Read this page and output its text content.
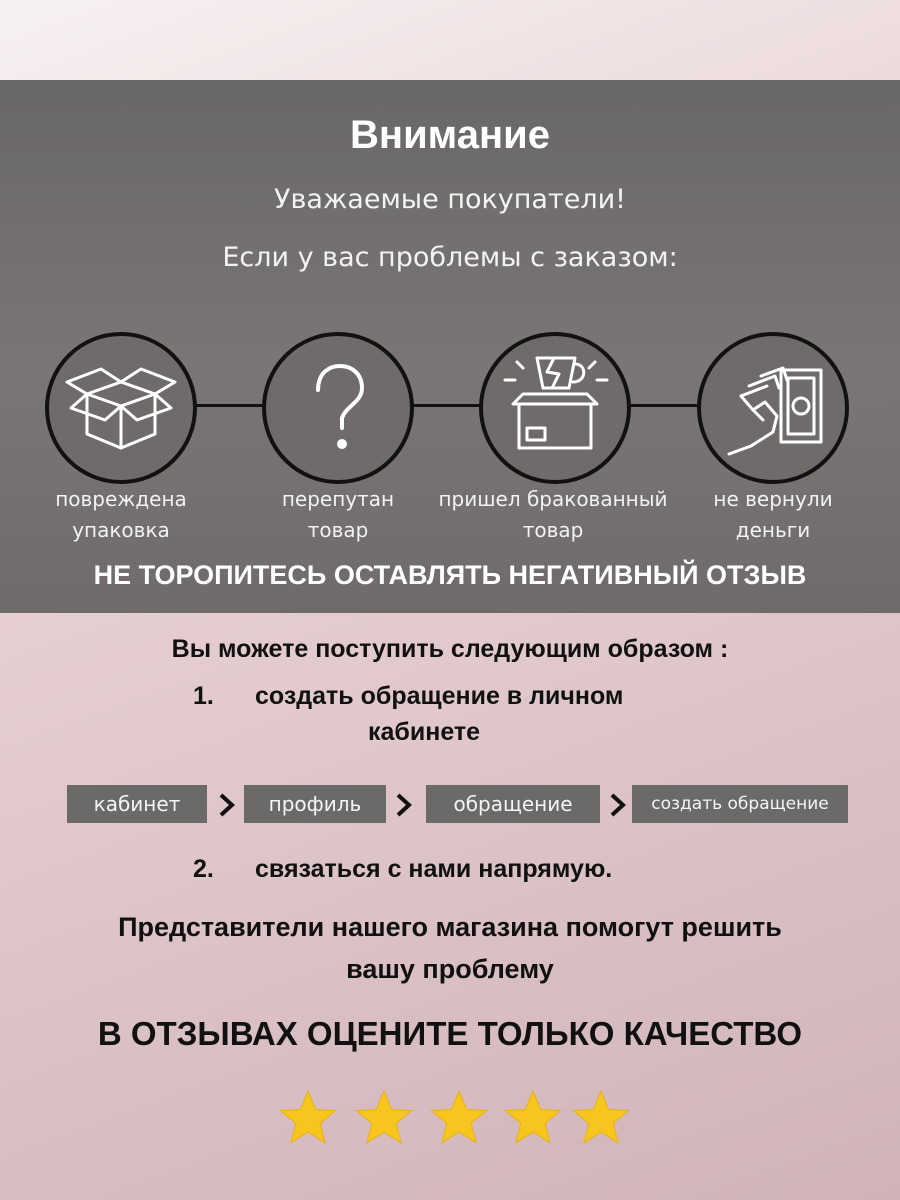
Внимание
Уважаемые покупатели!
Если у вас проблемы с заказом:
повреждена
упаковка
перепутан
товар
пришел бракованный
товар
не вернули
деньги
НЕ ТОРОПИТЕСЬ ОСТАВЛЯТЬ НЕГАТИВНЫЙ ОТЗЫВ
Вы можете поступить следующим образом :
1. создать обращение в личном
кабинете
кабинет	профиль	обращение	создать обращение
2. связаться с нами напрямую.
Представители нашего магазина помогут решить
вашу проблему
В ОТЗЫВАХ ОЦЕНИТЕ ТОЛЬКО КАЧЕСТВО
